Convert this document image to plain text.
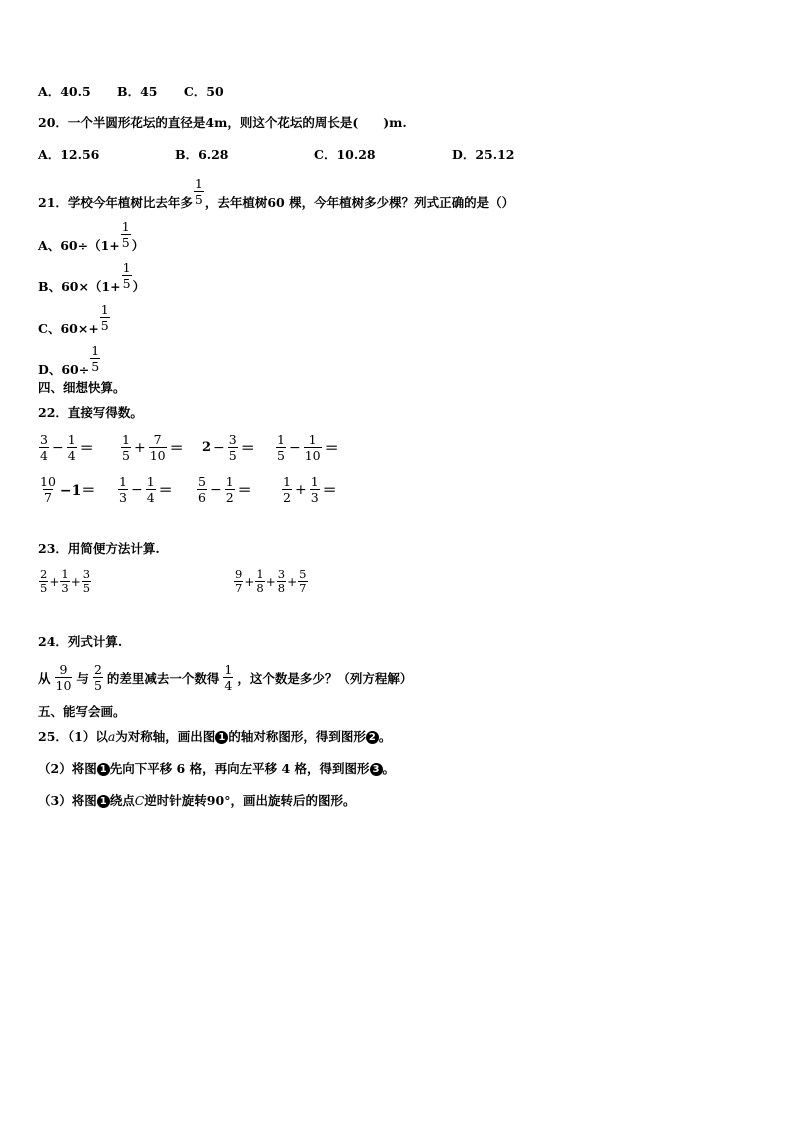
A．40.5 B．45 C．50
20．一个半圆形花坛的直径是4m，则这个花坛的周长是(　　)m.
A．12.56	B．6.28	C．10.28	D．25.12
21．学校今年植树比去年多 $\frac{1}{5}$ ，去年植树60 棵，今年植树多少棵？列式正确的是（）
A、$60\div(1+ \frac{1}{5}$ ）
B、$60\times(1+ \frac{1}{5}$ ）
C、$60\times+ \frac{1}{5}$
D、$60\div \frac{1}{5}$
四、细想快算。
22．直接写得数。
$\frac{3}{4} - \frac{1}{4} = \frac{1}{5} + \frac{7}{10} = 2 - \frac{3}{5} = \frac{1}{5} - \frac{1}{10}$ ＝
$\frac{10}{7} -1= \frac{1}{3} - \frac{1}{4} = \frac{5}{6} - \frac{1}{2} = \frac{1}{2} + \frac{1}{3}$ ＝
23．用简便方法计算.
$\frac{2}{5} + \frac{1}{3} + \frac{3}{5}$	$\frac{9}{7} + \frac{1}{8} + \frac{3}{8} + \frac{5}{7}$
24．列式计算.
从 $\frac{9}{10}$ 与 $\frac{2}{5}$ 的差里减去一个数得 $\frac{1}{4}$ ，这个数是多少？（列方程解）
五、能写会画。
25．（1）以a为对称轴，画出图 1 的轴对称图形，得到图形 2 。
（2）将图 1 先向下平移 6 格，再向左平移 4 格，得到图形 3 。
（3）将图 1 绕点C逆时针旋转90°，画出旋转后的图形。
